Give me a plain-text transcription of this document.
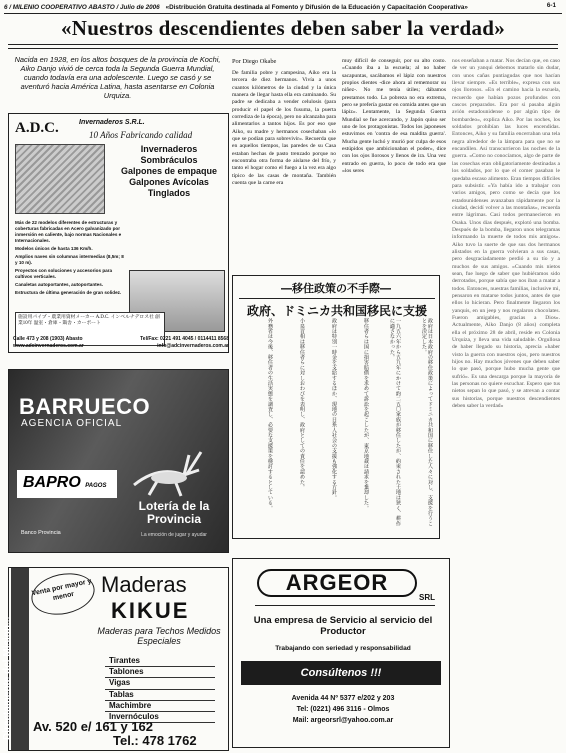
6 / MILENIO COOPERATIVO ABASTO / Julio de 2006 «Distribución Gratuita destinada al Fomento y Difusión de la Educación y Capacitación Cooperativa»	6-1
«Nuestros descendientes deben saber la verdad»
Nacida en 1928, en los altos bosques de la provincia de Kochi, Aiko Danjo vivió de cerca toda la Segunda Guerra Mundial, cuando todavía era una adolescente. Luego se casó y se aventuró hacia América Latina, hasta asentarse en Colonia Urquiza.
A.D.C.	Invernaderos S.R.L.
10 Años Fabricando calidad
Invernaderos
Sombráculos
Galpones de empaque
Galpones Avícolas
Tinglados
Más de 22 modelos diferentes de estructuras y coberturas fabricadas en Acero galvanizado por inmersión en caliente, bajo normas Nacionales e Internacionales.
Modelos únicos de hasta 136 Km/h.
Amplios naves sin columnas intermedias (8,5m; 8 y 10 m).
Proyectos con soluciones y accesorios para cultivos verticales.
Canaletas autoportantes, autoportantes.
Estructura de última generación de gran solidez.
施設用パイプ・農業用資材メーカー A.D.C. インベルナデロス社 創業10年 温室・倉庫・鶏舎・カーポート
Calle 473 y 208 (1903) Abasto	Tel/Fax: 0221 491 4045 / 0114411 8568

www.adcinvernaderos.com.ar	info@adcinvernaderos.com.ar
BARRUECO
AGENCIA OFICIAL
BAPRO PAGOS
Lotería de la Provincia
La emoción de jugar y ayudar
Banco Provincia
Directamente del Mision...
Venta por mayor y menor	Maderas
KIKUE
Maderas para Techos Medidos Especiales
Tirantes
Tablones
Vigas
Tablas
Machimbre
Invernóculos
Av. 520 e/ 161 y 162
Tel.: 478 1762
Por Diego Okabe
De familia pobre y campesina, Aiko era la tercera de diez hermanos. Vivía a unos cuantos kilómetros de la ciudad y la única manera de llegar hasta ella era caminando. Su padre se dedicaba a vender celulosis (para producir el papel de los fusuma, la puerta corrediza de la época), pero no alcanzaba para alimentarlos a tantos hijos. Es por eso que Aiko, su madre y hermanos cosechaban «lo que se podían para sobrevivir». Recuerda que en aquellos tiempos, las paredes de su Casa estaban hechas de pasto trenzado porque no encontraba otra forma de aislarse del frío, y tanto el hogar como el fuego a la vez era algo típico de las casas de montaña. También cuenta que la carne era
muy difícil de conseguir, por su alto costo. «Cuando iba a la escuela; al no haber sacapuntas, sacábamos el lápiz con nuestros propios dientes -dice ahora al rememorar su niñez-. No me tenía útiles; dábamos prestamos todo. La pobreza no era extrema, pero se prefería gastar en comida antes que un lápiz». Lentamente, la Segunda Guerra Mundial se fue acercando, y Japón quiso ser uno de los protagonistas. Todos los japoneses estuvimos en 'contra de esa maldita guerra'. Mucha gente luchó y murió por culpa de esos estúpidos que ambicionaban el poder», dice con los ojos llorosos y llenos de ira. Una vez entrado en guerra, lo poco de todo era que «los seres
nos enseñaban a matar. Nos decían que, en caso de ver un yanqui debemos matarlo sin dudar, con unos cañas puntiagudas que nos hacían llevar siempre. «Es terrible», expresa con sus ojos llorosos. «En el camino hacia la escuela, recuerdo que habían pozos profundos con cascos preparados. Era por si pasaba algún avión estadounidense o por algún tipo de bombardeo», explica Aiko. Por las noches, los soldados prohibían las luces encendidas. Entonces, Aiko y su familia encerraban una tela negra alrededor de la lámpara para que no se encandilen. Así transcurrieron las noches de la guerra. «Como no conocíamos, algo de parte de las cosechas eran obligatoriamente destinadas a los soldados, por lo que el comer pasaban le quedaba escaso alimento. Eran tiempos difíciles para subsistir. «Ya había ido a trabajar con varios amigos, pero como se decía que los estadounidenses avanzaban rápidamente por la ciudad, decidí volver a las montañas», recuerda entre lágrimas. Casi todos permanecieron en Osaka. Unos días después, explotó una bomba. Después de la bomba, llegaron unos telegramas informando la muerte de todos mis amigos». Aiko tuvo la suerte de que sus dos hermanos alistados en la guerra volvieran a sus casas, pero desgraciadamente perdió a su tío y a muchos de sus amigos. «Cuando mis nietos sean, fue luego de saber que hubiéramos sido derrotados, porque sabía que nos iban a matar a todos. Entonces, nuestras familias, inclusive mi, pensaron en matarse todos juntos, antes de que ellos lo hicieran. Pero finalmente llegaron los yanquis, en un jeep y nos regalaron chocolates. Fueron amigables, gracias a Dios». Actualmente, Aiko Danjo (8 años) completa ella el próximo 28 de abril, reside en Colonia Urquiza, y lleva una vida saludable. Orgullosa de haber llegado su historia, aprecia «haber visto la guerra con nuestros ojos, pero nuestros hijos no. Hay muchos jóvenes que deben saber lo que pasó, porque hubo mucha gente que sufrió». Es una descarga porque la mayoría de las personas no quiere escuchar. Espero que tus nietos sepan lo que pasó, y se atrevan a contar sus historias, porque nuestros descendientes deben saber la verdad»
―移住政策の不手際―
政府、ドミニカ共和国移民に支援
政府は日本政府の移住政策によってドミニカ共和国に移住した人々に対し、支援を行うことを決定した。
一九五六年から五九年にかけて約二五〇家族が移住したが、約束された土地は狭く、耕作に適さなかった。
移住者らは国に損害賠償を求めて訴訟を起こしたが、東京地裁は請求を棄却した。
政府は特別一時金を支給するほか、現地の日系人社会の支援も強化する方針。
小泉首相は移住者らに対しおわびを表明し、政府としての責任を認めた。
外務省は今後、移住者の生活実態を調査し、必要な支援策を検討するとしている。
ARGEOR
SRL
Una empresa de Servicio al servicio del Productor
Trabajando con seriedad y responsabilidad
Consúltenos !!!
Avenida 44 Nº 5377 e/202 y 203
Tel: (0221) 496 3116 - Olmos
Mail: argeorsrl@yahoo.com.ar
